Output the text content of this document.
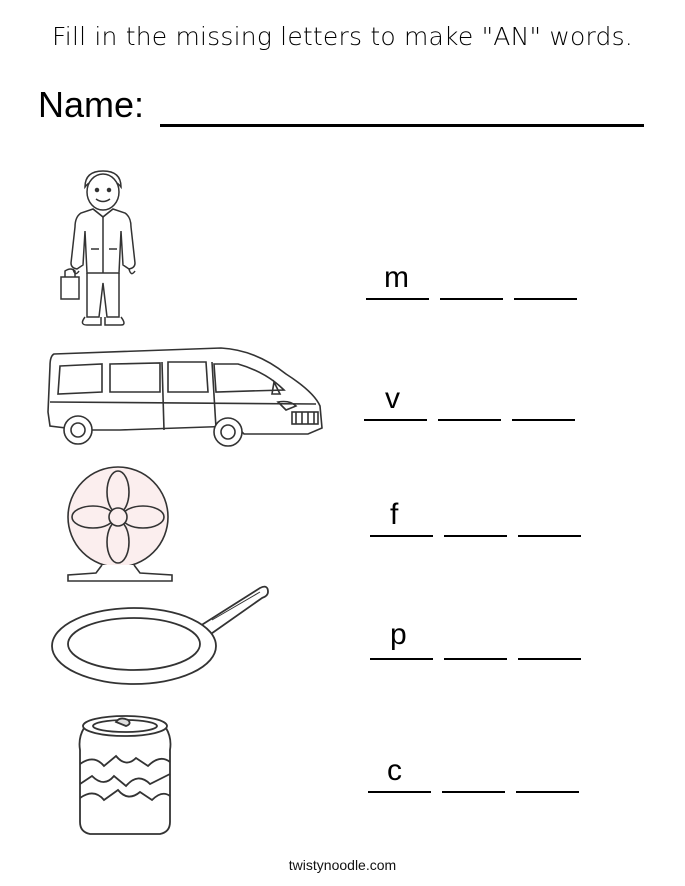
Fill in the missing letters to make "AN" words.
Name:
m
v
f
p
c
twistynoodle.com
